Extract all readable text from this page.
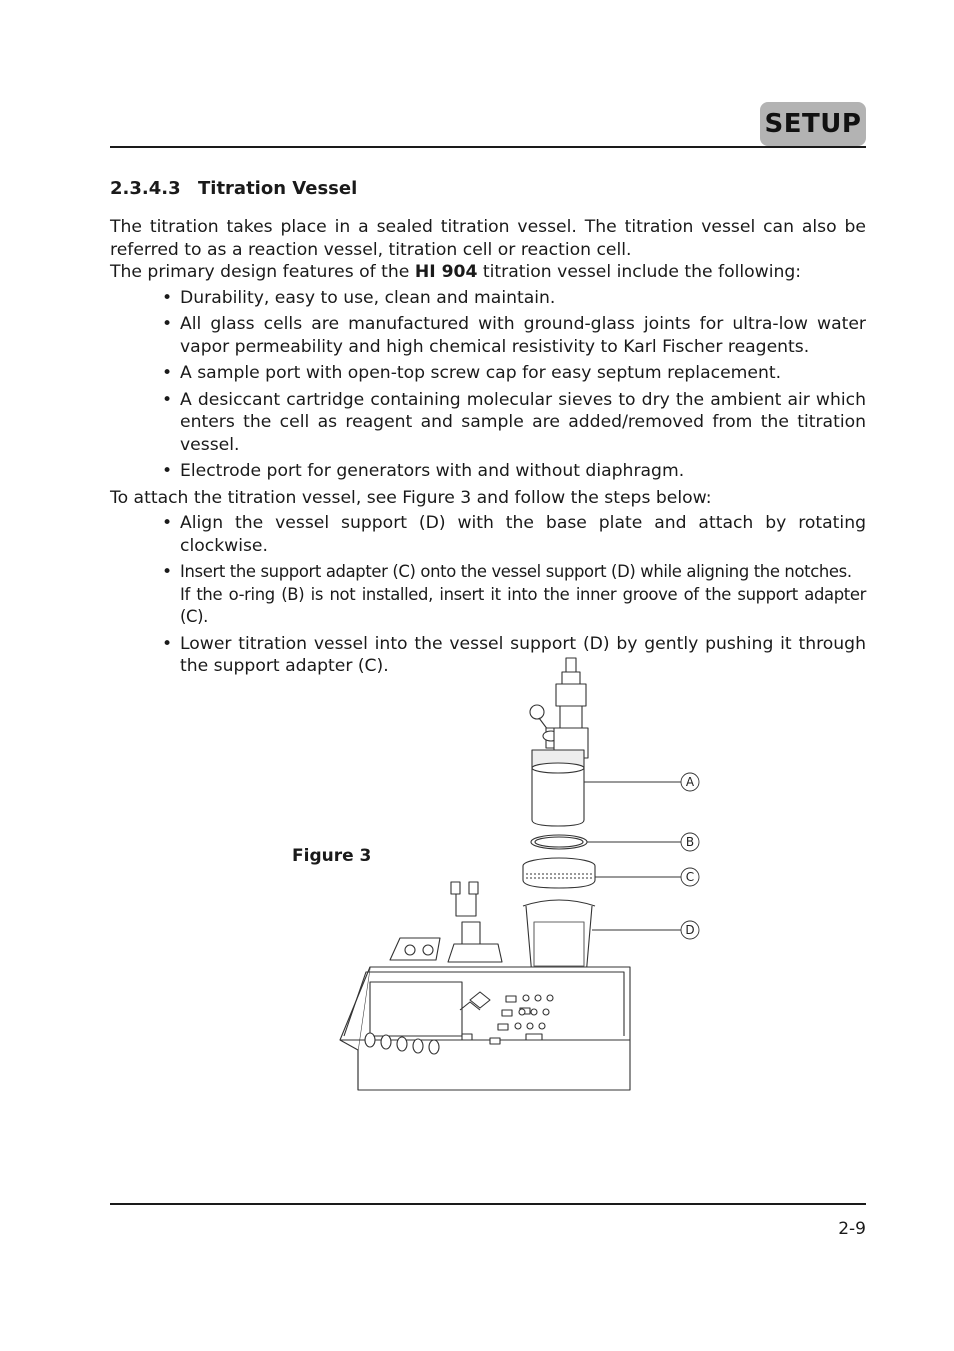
SETUP
2.3.4.3 Titration Vessel

The titration takes place in a sealed titration vessel. The titration vessel can also be referred to as a reaction vessel, titration cell or reaction cell.

The primary design features of the HI 904 titration vessel include the following:

• Durability, easy to use, clean and maintain.
• All glass cells are manufactured with ground-glass joints for ultra-low water vapor permeability and high chemical resistivity to Karl Fischer reagents.
• A sample port with open-top screw cap for easy septum replacement.
• A desiccant cartridge containing molecular sieves to dry the ambient air which enters the cell as reagent and sample are added/removed from the titration vessel.
• Electrode port for generators with and without diaphragm.

To attach the titration vessel, see Figure 3 and follow the steps below:

• Align the vessel support (D) with the base plate and attach by rotating clockwise.
• Insert the support adapter (C) onto the vessel support (D) while aligning the notches.
If the o-ring (B) is not installed, insert it into the inner groove of the support adapter (C).
• Lower titration vessel into the vessel support (D) by gently pushing it through the support adapter (C).
Figure 3
A
B
C
D
2-9
